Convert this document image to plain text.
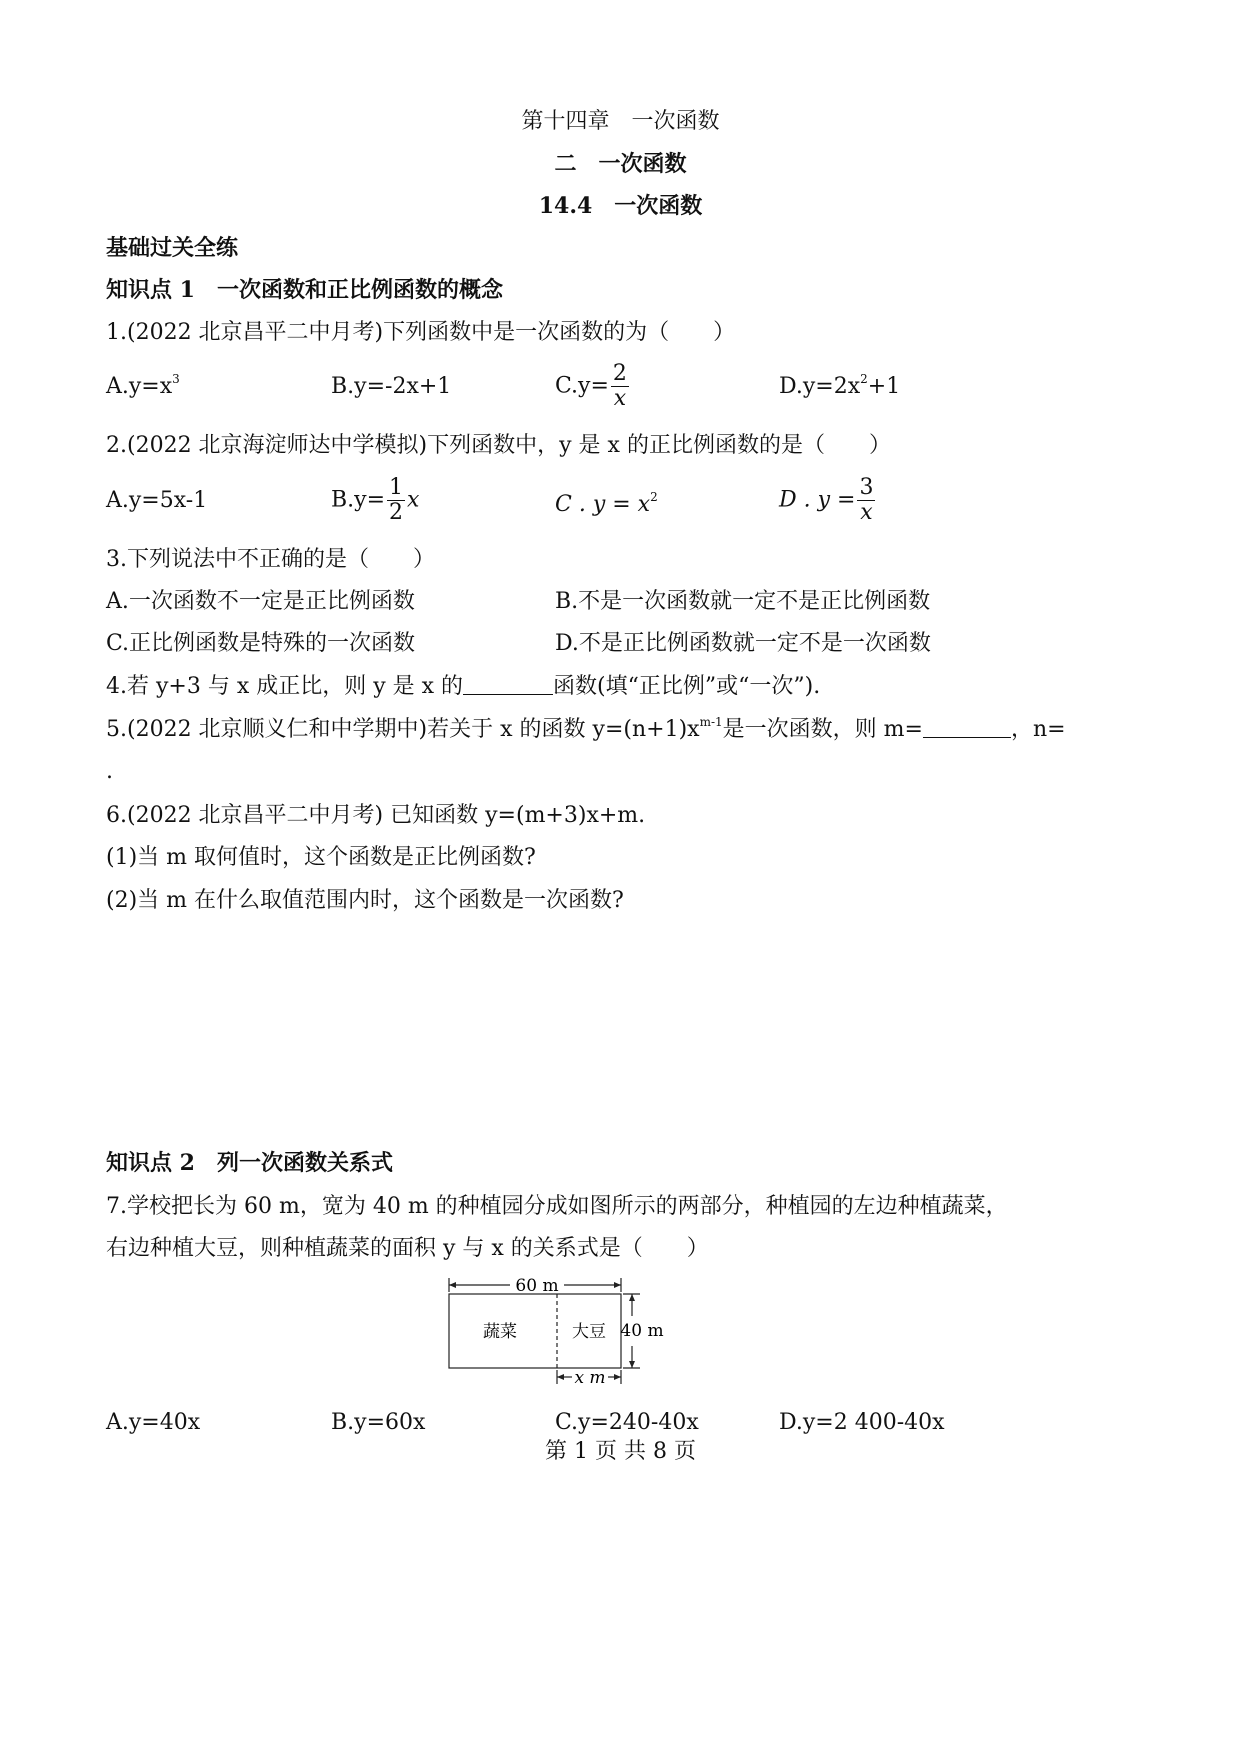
第十四章　一次函数
二　一次函数
14.4　一次函数
基础过关全练
知识点 1　一次函数和正比例函数的概念
1.(2022 北京昌平二中月考)下列函数中是一次函数的为（　　）
$A.y=x^3$	B.y=-2x+1	$C.y= \frac{2}{x}$	$D.y=2x^2+1$
2.(2022 北京海淀师达中学模拟)下列函数中，y 是 x 的正比例函数的是（　　）
A.y=5x-1	$B.y= \frac{1}{2}$ x	C . $y = x^2$	D . $y = \frac{3}{x}$
3.下列说法中不正确的是（　　）
A.一次函数不一定是正比例函数	B.不是一次函数就一定不是正比例函数
C.正比例函数是特殊的一次函数	D.不是正比例函数就一定不是一次函数
4.若 y+3 与 x 成正比，则 y 是 x 的	函数(填“正比例”或“一次”).
5.(2022 北京顺义仁和中学期中)若关于 x 的函数 $y=(n+1)x^{m-1}$是一次函数，则 m=	，n=
.
6.(2022 北京昌平二中月考) 已知函数 y=(m+3)x+m.
(1)当 m 取何值时，这个函数是正比例函数?
(2)当 m 在什么取值范围内时，这个函数是一次函数?
知识点 2　列一次函数关系式
7.学校把长为 60 m，宽为 40 m 的种植园分成如图所示的两部分，种植园的左边种植蔬菜，
右边种植大豆，则种植蔬菜的面积 y 与 x 的关系式是（　　）
60 m
40 m
x m
蔬菜	大豆
A.y=40x	B.y=60x	C.y=240-40x	D.y=2 400-40x
第 1 页 共 8 页
